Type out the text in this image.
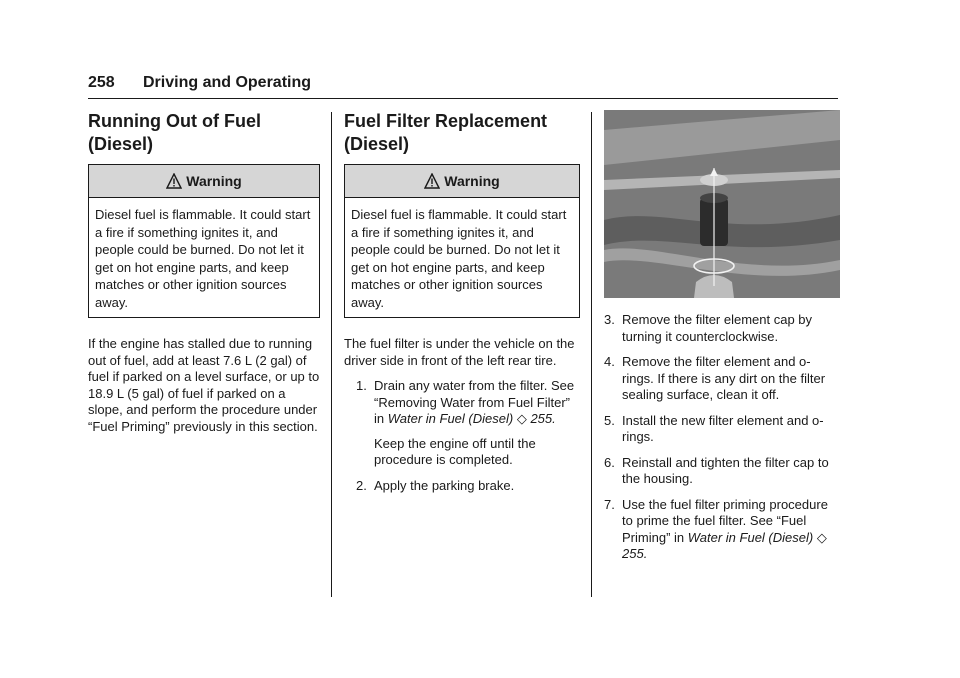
258 Driving and Operating
Running Out of Fuel
(Diesel)
Warning
Diesel fuel is flammable. It could start a fire if something ignites it, and people could be burned. Do not let it get on hot engine parts, and keep matches or other ignition sources away.

If the engine has stalled due to running out of fuel, add at least 7.6 L (2 gal) of fuel if parked on a level surface, or up to 18.9 L (5 gal) of fuel if parked on a slope, and perform the procedure under “Fuel Priming” previously in this section.

Fuel Filter Replacement
(Diesel)
Warning
Diesel fuel is flammable. It could start a fire if something ignites it, and people could be burned. Do not let it get on hot engine parts, and keep matches or other ignition sources away.

The fuel filter is under the vehicle on the driver side in front of the left rear tire.

1. Drain any water from the filter. See “Removing Water from Fuel Filter” in Water in Fuel (Diesel) ◇ 255.
Keep the engine off until the procedure is completed.
2. Apply the parking brake.
3. Remove the filter element cap by turning it counterclockwise.
4. Remove the filter element and o-rings. If there is any dirt on the filter sealing surface, clean it off.
5. Install the new filter element and o-rings.
6. Reinstall and tighten the filter cap to the housing.
7. Use the fuel filter priming procedure to prime the fuel filter. See “Fuel Priming” in Water in Fuel (Diesel) ◇ 255.
